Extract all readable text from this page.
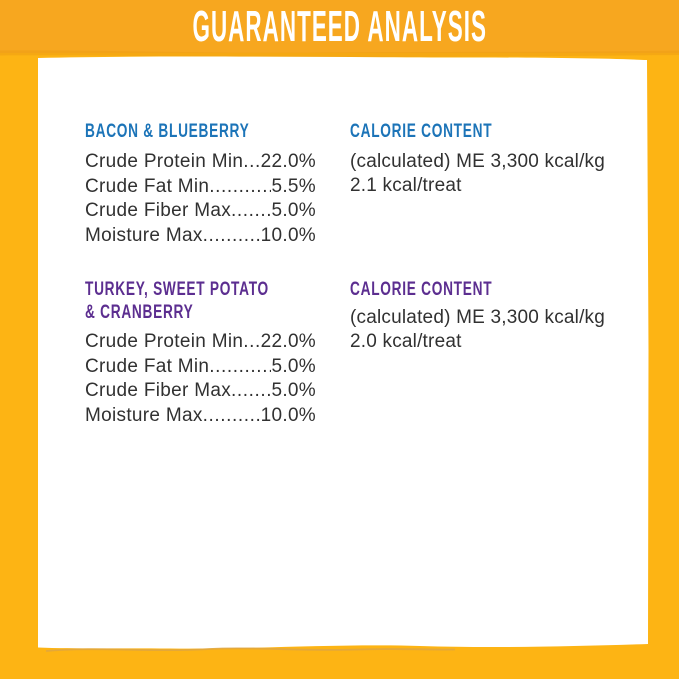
GUARANTEED ANALYSIS
BACON & BLUEBERRY
Crude Protein Min ..... 22.0%
Crude Fat Min .....	5.5%
Crude Fiber Max ..... 5.0%
Moisture Max .....	10.0%
CALORIE CONTENT
(calculated) ME 3,300 kcal/kg
2.1 kcal/treat
TURKEY, SWEET POTATO
& CRANBERRY
Crude Protein Min ..... 22.0%
Crude Fat Min .....	5.0%
Crude Fiber Max ..... 5.0%
Moisture Max .....	10.0%
CALORIE CONTENT
(calculated) ME 3,300 kcal/kg
2.0 kcal/treat
